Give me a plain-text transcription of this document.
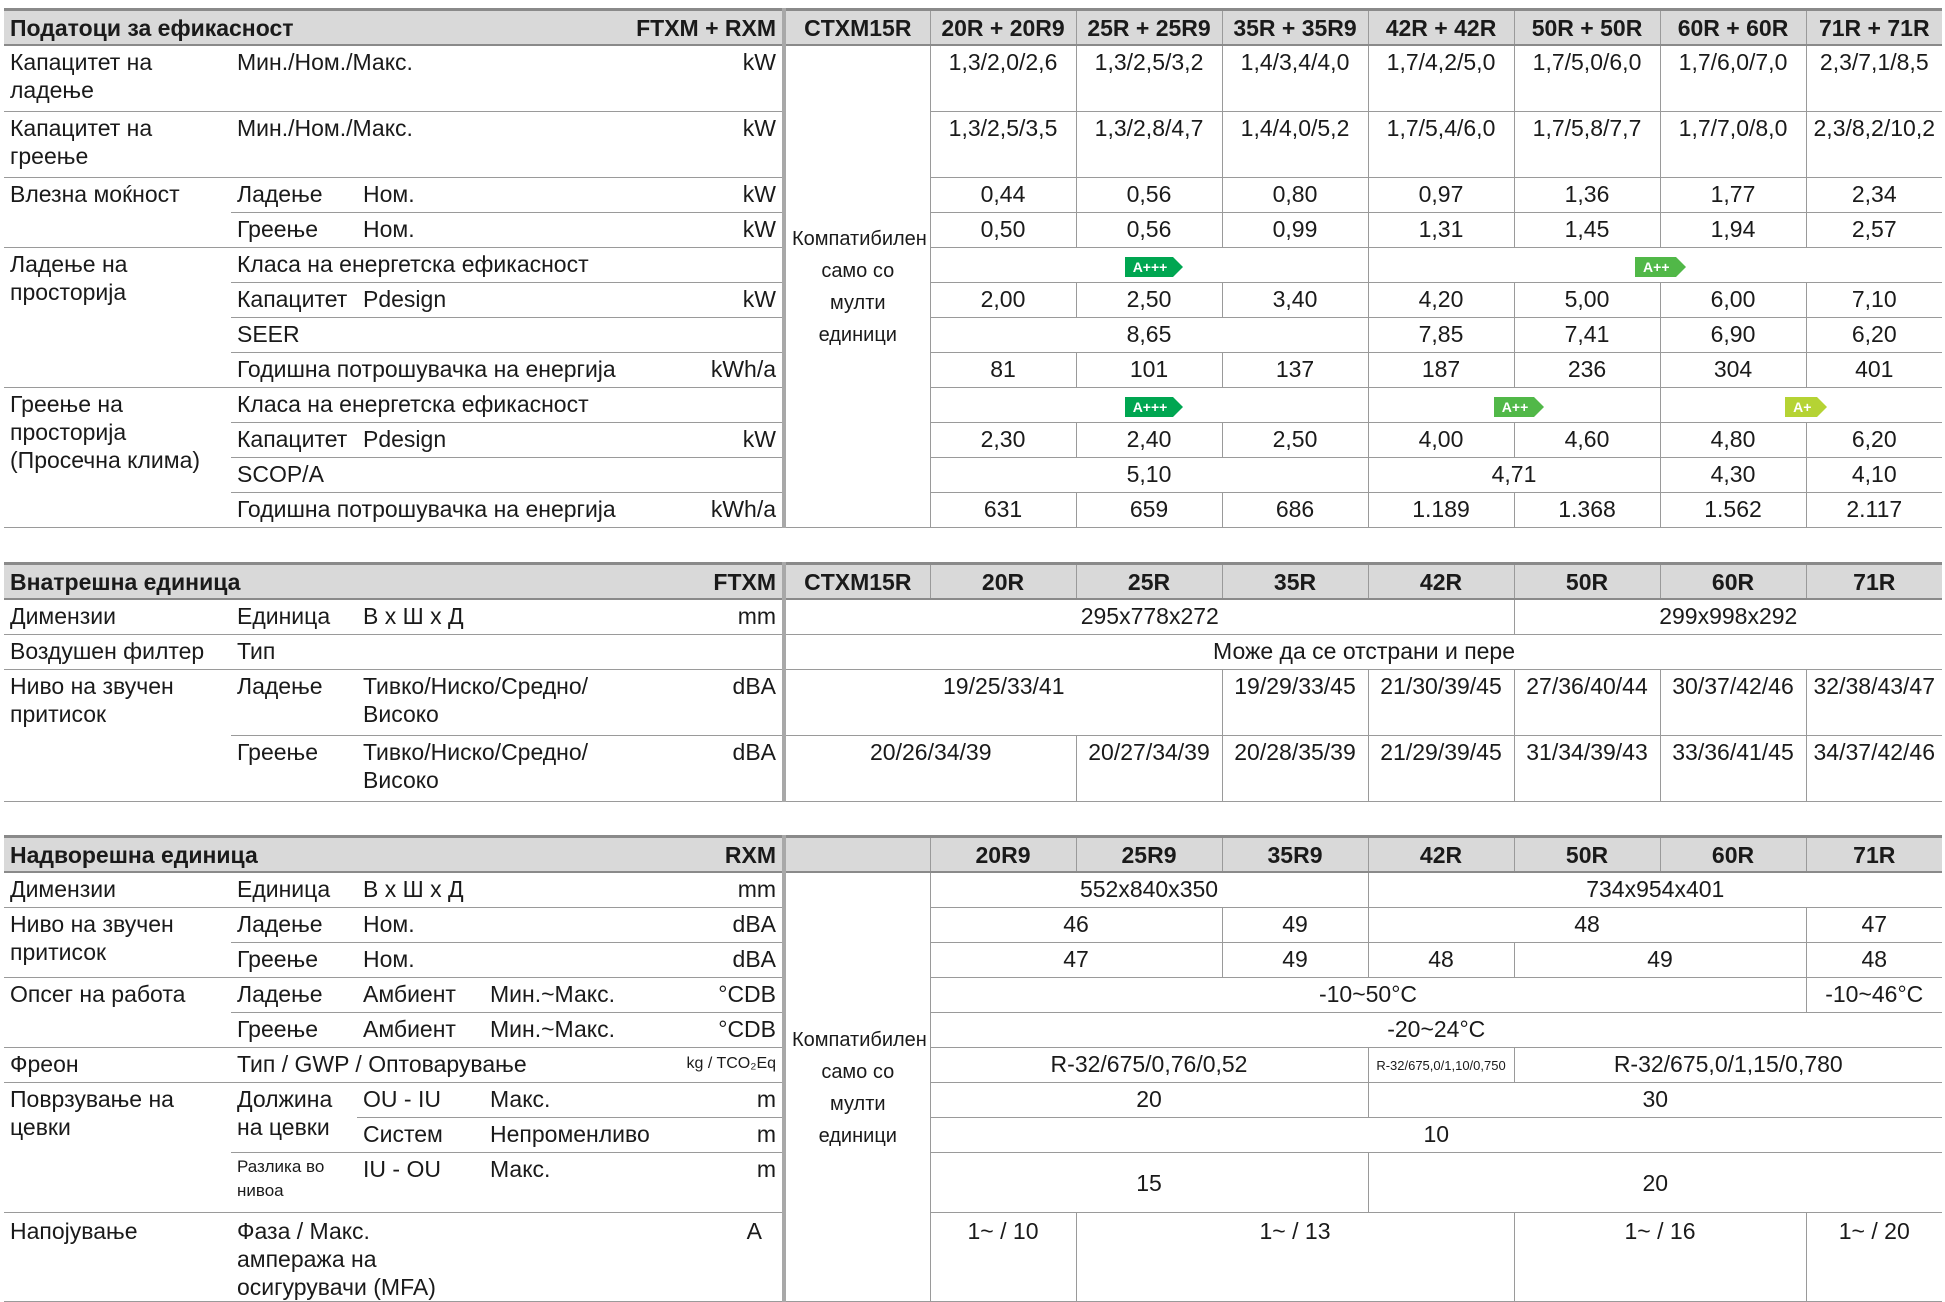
Податоци за ефикасност			FTXM + RXM	CTXM15R	20R + 20R9	25R + 25R9	35R + 35R9	42R + 42R	50R + 50R	60R + 60R	71R + 71R
Капацитет на ладење	Мин./Ном./Макс.		kW	Компатибилен само со мулти единици	1,3/2,0/2,6	1,3/2,5/3,2	1,4/3,4/4,0	1,7/4,2/5,0	1,7/5,0/6,0	1,7/6,0/7,0	2,3/7,1/8,5
Капацитет на греење	Мин./Ном./Макс.		kW		1,3/2,5/3,5	1,3/2,8/4,7	1,4/4,0/5,2	1,7/5,4/6,0	1,7/5,8/7,7	1,7/7,0/8,0	2,3/8,2/10,2
Влезна моќност	Ладење	Ном.	kW		0,44	0,56	0,80	0,97	1,36	1,77	2,34
	Греење	Ном.	kW		0,50	0,56	0,99	1,31	1,45	1,94	2,57
Ладење на просторија	Класа на енергетска ефикасност				A+++			A++			
	Капацитет	Pdesign	kW		2,00	2,50	3,40	4,20	5,00	6,00	7,10
	SEER				8,65			7,85	7,41	6,90	6,20
	Годишна потрошувачка на енергија		kWh/a		81	101	137	187	236	304	401
Греење на просторија (Просечна клима)	Класа на енергетска ефикасност				A+++			A++		A+	
	Капацитет	Pdesign	kW		2,30	2,40	2,50	4,00	4,60	4,80	6,20
	SCOP/A				5,10			4,71		4,30	4,10
	Годишна потрошувачка на енергија		kWh/a		631	659	686	1.189	1.368	1.562	2.117
Внатрешна единица			FTXM	CTXM15R	20R	25R	35R	42R	50R	60R	71R
Димензии	Единица	В х Ш х Д	mm	295x778x272					299x998x292		
Воздушен филтер	Тип			Може да се отстрани и пере							
Ниво на звучен притисок	Ладење	Тивко/Ниско/Средно/ Високо	dBA	19/25/33/41			19/29/33/45	21/30/39/45	27/36/40/44	30/37/42/46	32/38/43/47
	Греење	Тивко/Ниско/Средно/ Високо	dBA	20/26/34/39		20/27/34/39	20/28/35/39	21/29/39/45	31/34/39/43	33/36/41/45	34/37/42/46
Надворешна единица			RXM		20R9	25R9	35R9	42R	50R	60R	71R
Димензии	Единица	В х Ш х Д	mm	Компатибилен само со мулти единици	552x840x350			734x954x401			
Ниво на звучен притисок	Ладење	Ном.	dBA		46		49	48			47
	Греење	Ном.	dBA		47		49	48	49		48
Опсег на работа	Ладење	Амбиент	Мин.~Макс. °CDB		-10~50°C						-10~46°C
	Греење	Амбиент	Мин.~Макс. °CDB		-20~24°C						
Фреон	Тип / GWP / Оптоварување		kg / TCO₂Eq		R-32/675/0,76/0,52			R-32/675,0/1,10/0,750	R-32/675,0/1,15/0,780		
Поврзување на цевки	Должина на цевки	OU - IU	Макс. m		20			30			
		Систем	Непроменливо m		10						
	Разлика во нивоа	IU - OU	Макс. m		15			20			
Напојување	Фаза / Макс. ампеража на осигурувачи (MFA)		A		1~ / 10	1~ / 13			1~ / 16		1~ / 20
